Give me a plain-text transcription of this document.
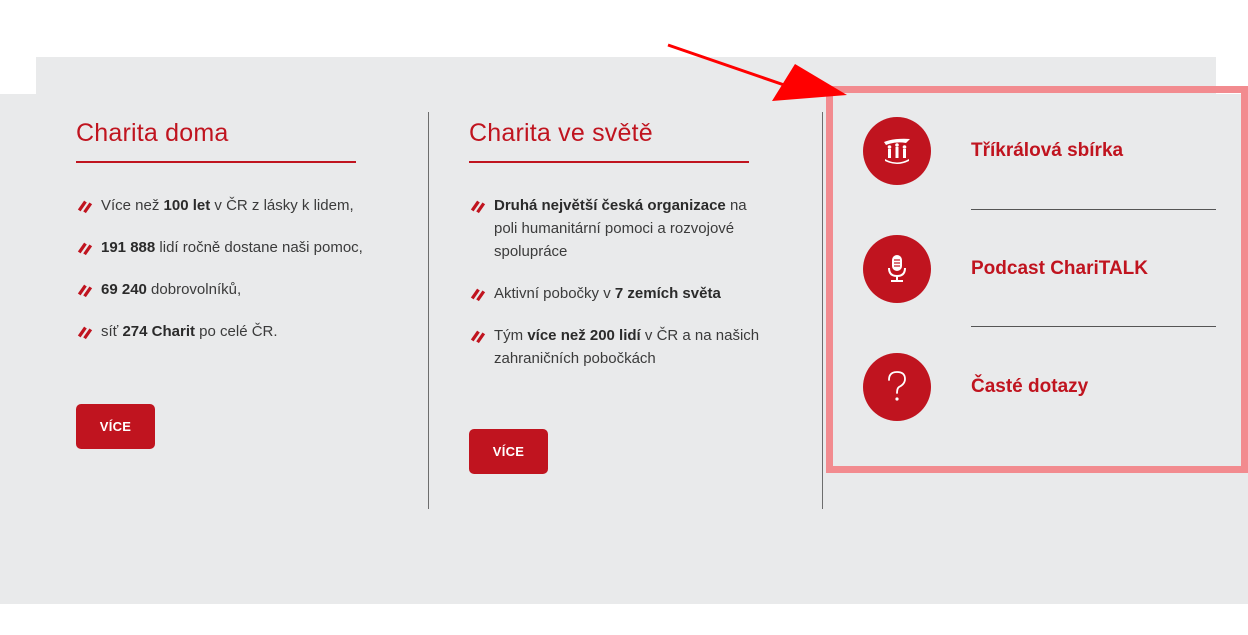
Charita doma
Více než 100 let v ČR z lásky k lidem,
191 888 lidí ročně dostane naši pomoc,
69 240 dobrovolníků,
síť 274 Charit po celé ČR.
VÍCE
Charita ve světě
Druhá největší česká organizace na poli humanitární pomoci a rozvojové spolupráce
Aktivní pobočky v 7 zemích světa
Tým více než 200 lidí v ČR a na našich zahraničních pobočkách
VÍCE
Tříkrálová sbírka
Podcast ChariTALK
Časté dotazy
